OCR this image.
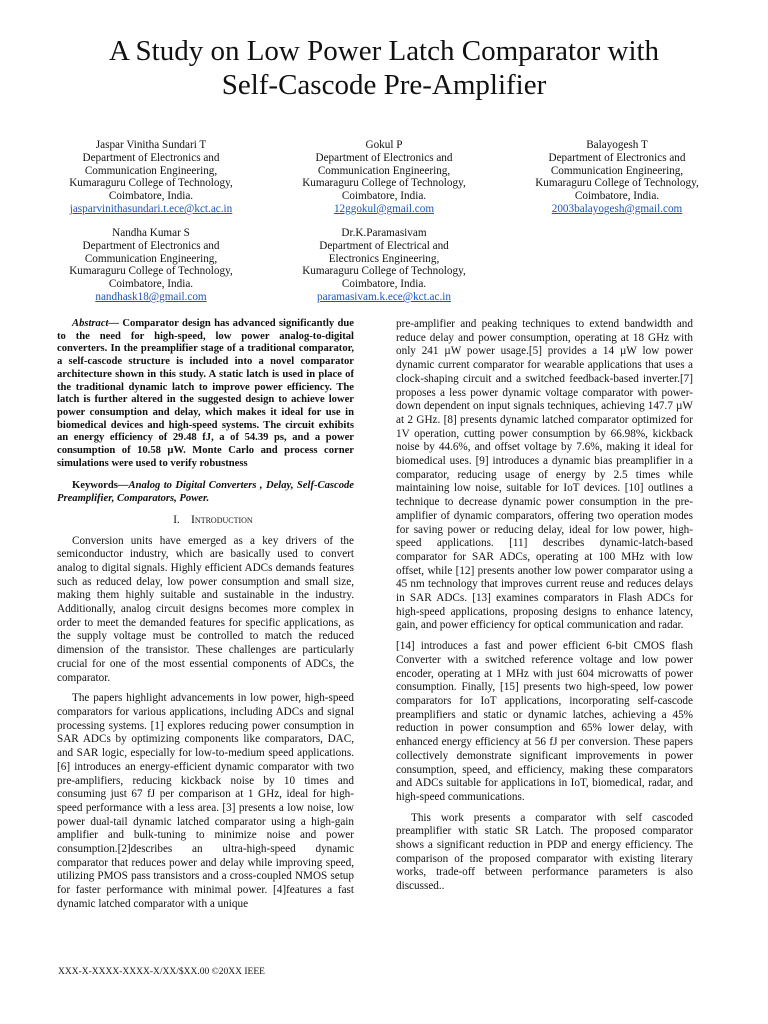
A Study on Low Power Latch Comparator with
Self-Cascode Pre-Amplifier
Jaspar Vinitha Sundari T
Department of Electronics and
Communication Engineering,
Kumaraguru College of Technology,
Coimbatore, India.
jasparvinithasundari.t.ece@kct.ac.in
Gokul P
Department of Electronics and
Communication Engineering,
Kumaraguru College of Technology,
Coimbatore, India.
12ggokul@gmail.com
Balayogesh T
Department of Electronics and
Communication Engineering,
Kumaraguru College of Technology,
Coimbatore, India.
2003balayogesh@gmail.com
Nandha Kumar S
Department of Electronics and
Communication Engineering,
Kumaraguru College of Technology,
Coimbatore, India.
nandhask18@gmail.com
Dr.K.Paramasivam
Department of Electrical and
Electronics Engineering,
Kumaraguru College of Technology,
Coimbatore, India.
paramasivam.k.ece@kct.ac.in

Abstract— Comparator design has advanced significantly due to the need for high-speed, low power analog-to-digital converters. In the preamplifier stage of a traditional comparator, a self-cascode structure is included into a novel comparator architecture shown in this study. A static latch is used in place of the traditional dynamic latch to improve power efficiency. The latch is further altered in the suggested design to achieve lower power consumption and delay, which makes it ideal for use in biomedical devices and high-speed systems. The circuit exhibits an energy efficiency of 29.48 fJ, a of 54.39 ps, and a power consumption of 10.58 µW. Monte Carlo and process corner simulations were used to verify robustness

Keywords—Analog to Digital Converters , Delay, Self-Cascode Preamplifier, Comparators, Power.

I. Introduction

Conversion units have emerged as a key drivers of the semiconductor industry, which are basically used to convert analog to digital signals. Highly efficient ADCs demands features such as reduced delay, low power consumption and small size, making them highly suitable and sustainable in the industry. Additionally, analog circuit designs becomes more complex in order to meet the demanded features for specific applications, as the supply voltage must be controlled to match the reduced dimension of the transistor. These challenges are particularly crucial for one of the most essential components of ADCs, the comparator.

The papers highlight advancements in low power, high-speed comparators for various applications, including ADCs and signal processing systems. [1] explores reducing power consumption in SAR ADCs by optimizing components like comparators, DAC, and SAR logic, especially for low-to-medium speed applications. [6] introduces an energy-efficient dynamic comparator with two pre-amplifiers, reducing kickback noise by 10 times and consuming just 67 fJ per comparison at 1 GHz, ideal for high-speed performance with a less area. [3] presents a low noise, low power dual-tail dynamic latched comparator using a high-gain amplifier and bulk-tuning to minimize noise and power consumption.[2]describes an ultra-high-speed dynamic comparator that reduces power and delay while improving speed, utilizing PMOS pass transistors and a cross-coupled NMOS setup for faster performance with minimal power. [4]features a fast dynamic latched comparator with a unique

pre-amplifier and peaking techniques to extend bandwidth and reduce delay and power consumption, operating at 18 GHz with only 241 µW power usage.[5] provides a 14 µW low power dynamic current comparator for wearable applications that uses a clock-shaping circuit and a switched feedback-based inverter.[7] proposes a less power dynamic voltage comparator with power-down dependent on input signals techniques, achieving 147.7 µW at 2 GHz. [8] presents dynamic latched comparator optimized for 1V operation, cutting power consumption by 66.98%, kickback noise by 44.6%, and offset voltage by 7.6%, making it ideal for biomedical uses. [9] introduces a dynamic bias preamplifier in a comparator, reducing usage of energy by 2.5 times while maintaining low noise, suitable for IoT devices. [10] outlines a technique to decrease dynamic power consumption in the pre-amplifier of dynamic comparators, offering two operation modes for saving power or reducing delay, ideal for low power, high-speed applications. [11] describes dynamic-latch-based comparator for SAR ADCs, operating at 100 MHz with low offset, while [12] presents another low power comparator using a 45 nm technology that improves current reuse and reduces delays in SAR ADCs. [13] examines comparators in Flash ADCs for high-speed applications, proposing designs to enhance latency, gain, and power efficiency for optical communication and radar.

[14] introduces a fast and power efficient 6-bit CMOS flash Converter with a switched reference voltage and low power encoder, operating at 1 MHz with just 604 microwatts of power consumption. Finally, [15] presents two high-speed, low power comparators for IoT applications, incorporating self-cascode preamplifiers and static or dynamic latches, achieving a 45% reduction in power consumption and 65% lower delay, with enhanced energy efficiency at 56 fJ per conversion. These papers collectively demonstrate significant improvements in power consumption, speed, and efficiency, making these comparators and ADCs suitable for applications in IoT, biomedical, radar, and high-speed communications.

This work presents a comparator with self cascoded preamplifier with static SR Latch. The proposed comparator shows a significant reduction in PDP and energy efficiency. The comparison of the proposed comparator with existing literary works, trade-off between performance parameters is also discussed..

XXX-X-XXXX-XXXX-X/XX/$XX.00 ©20XX IEEE
